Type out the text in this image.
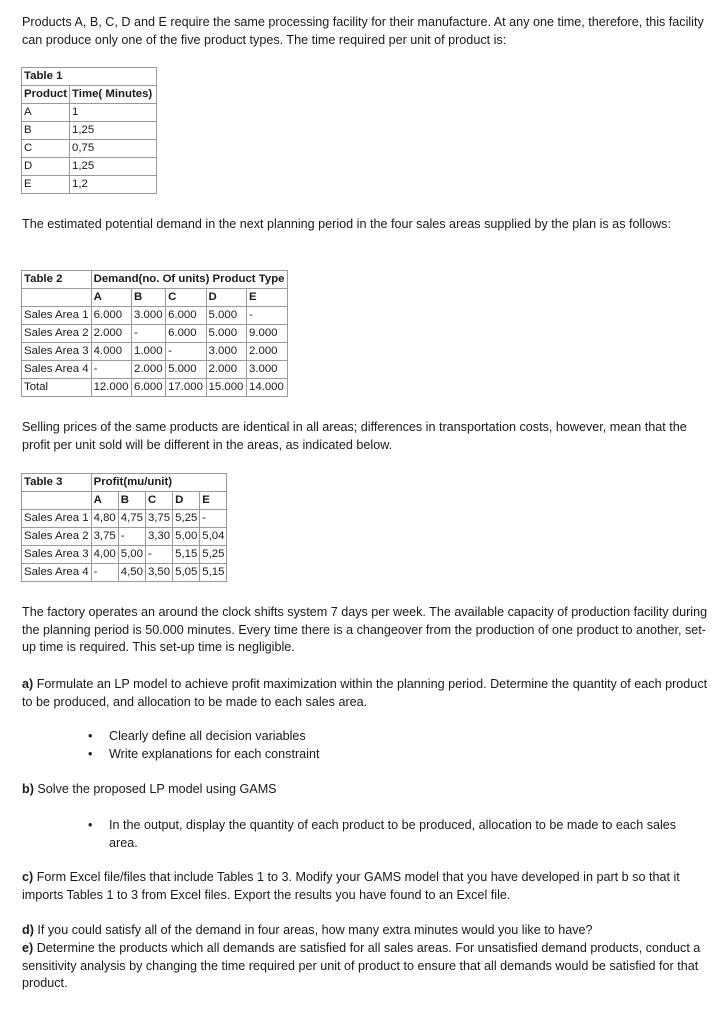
Products A, B, C, D and E require the same processing facility for their manufacture. At any one time, therefore, this facility can produce only one of the five product types. The time required per unit of product is:

Table 1	
Product	Time( Minutes)
A	1
B	1,25
C	0,75
D	1,25
E	1,2

The estimated potential demand in the next planning period in the four sales areas supplied by the plan is as follows:

Table 2	Demand(no. Of units) Product Type				
	A	B	C	D	E
Sales Area 1	6.000	3.000	6.000	5.000	-
Sales Area 2	2.000	-	6.000	5.000	9.000
Sales Area 3	4.000	1.000	-	3.000	2.000
Sales Area 4	-	2.000	5.000	2.000	3.000
Total	12.000	6.000	17.000	15.000	14.000

Selling prices of the same products are identical in all areas; differences in transportation costs, however, mean that the profit per unit sold will be different in the areas, as indicated below.

Table 3	Profit(mu/unit)				
	A	B	C	D	E
Sales Area 1	4,80	4,75	3,75	5,25	-
Sales Area 2	3,75	-	3,30	5,00	5,04
Sales Area 3	4,00	5,00	-	5,15	5,25
Sales Area 4	-	4,50	3,50	5,05	5,15

The factory operates an around the clock shifts system 7 days per week. The available capacity of production facility during the planning period is 50.000 minutes. Every time there is a changeover from the production of one product to another, set-up time is required. This set-up time is negligible.

a) Formulate an LP model to achieve profit maximization within the planning period. Determine the quantity of each product to be produced, and allocation to be made to each sales area.

• Clearly define all decision variables
• Write explanations for each constraint

b) Solve the proposed LP model using GAMS

• In the output, display the quantity of each product to be produced, allocation to be made to each sales area.

c) Form Excel file/files that include Tables 1 to 3. Modify your GAMS model that you have developed in part b so that it imports Tables 1 to 3 from Excel files. Export the results you have found to an Excel file.

d) If you could satisfy all of the demand in four areas, how many extra minutes would you like to have?

e) Determine the products which all demands are satisfied for all sales areas. For unsatisfied demand products, conduct a sensitivity analysis by changing the time required per unit of product to ensure that all demands would be satisfied for that product.
